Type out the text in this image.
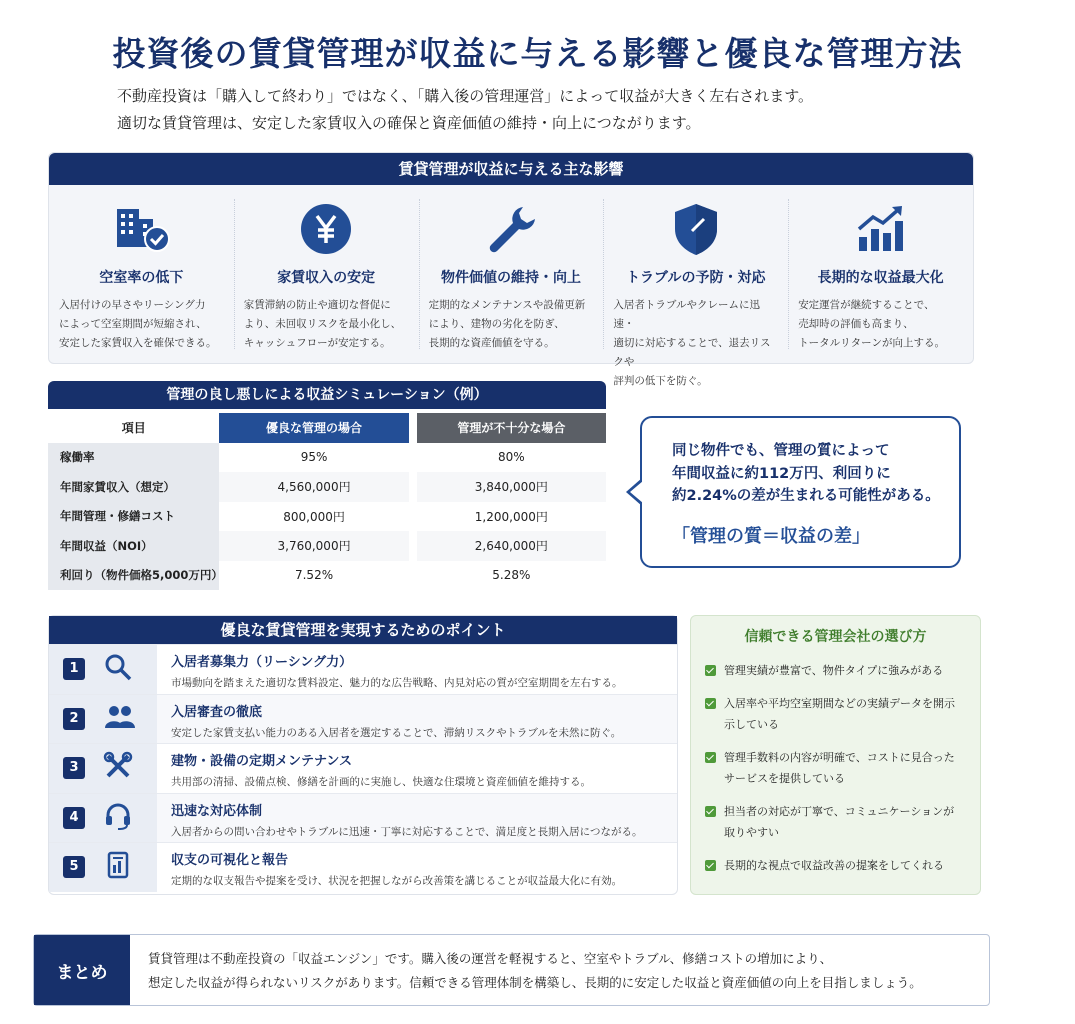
投資後の賃貸管理が収益に与える影響と優良な管理方法

不動産投資は「購入して終わり」ではなく、「購入後の管理運営」によって収益が大きく左右されます。

適切な賃貸管理は、安定した家賃収入の確保と資産価値の維持・向上につながります。

賃貸管理が収益に与える主な影響
空室率の低下
入居付けの早さやリーシング力
によって空室期間が短縮され、
安定した家賃収入を確保できる。
家賃収入の安定
家賃滞納の防止や適切な督促に
より、未回収リスクを最小化し、
キャッシュフローが安定する。
物件価値の維持・向上
定期的なメンテナンスや設備更新
により、建物の劣化を防ぎ、
長期的な資産価値を守る。
トラブルの予防・対応
入居者トラブルやクレームに迅速・
適切に対応することで、退去リスクや
評判の低下を防ぐ。
長期的な収益最大化
安定運営が継続することで、
売却時の評価も高まり、
トータルリターンが向上する。
管理の良し悪しによる収益シミュレーション（例）
項目	優良な管理の場合		管理が不十分な場合
稼働率	95%		80%
年間家賃収入（想定）	4,560,000円		3,840,000円
年間管理・修繕コスト	800,000円		1,200,000円
年間収益（NOI）	3,760,000円		2,640,000円
利回り（物件価格5,000万円）	7.52%		5.28%
同じ物件でも、管理の質によって
年間収益に約112万円、利回りに
約2.24%の差が生まれる可能性がある。
「管理の質＝収益の差」
優良な賃貸管理を実現するためのポイント
1	入居者募集力（リーシング力）
市場動向を踏まえた適切な賃料設定、魅力的な広告戦略、内見対応の質が空室期間を左右する。
2	入居審査の徹底
安定した家賃支払い能力のある入居者を選定することで、滞納リスクやトラブルを未然に防ぐ。
3	建物・設備の定期メンテナンス
共用部の清掃、設備点検、修繕を計画的に実施し、快適な住環境と資産価値を維持する。
4	迅速な対応体制
入居者からの問い合わせやトラブルに迅速・丁寧に対応することで、満足度と長期入居につながる。
5	収支の可視化と報告
定期的な収支報告や提案を受け、状況を把握しながら改善策を講じることが収益最大化に有効。
信頼できる管理会社の選び方
管理実績が豊富で、物件タイプに強みがある
入居率や平均空室期間などの実績データを開示
示している
管理手数料の内容が明確で、コストに見合った
サービスを提供している
担当者の対応が丁寧で、コミュニケーションが
取りやすい
長期的な視点で収益改善の提案をしてくれる
まとめ
賃貸管理は不動産投資の「収益エンジン」です。購入後の運営を軽視すると、空室やトラブル、修繕コストの増加により、
想定した収益が得られないリスクがあります。信頼できる管理体制を構築し、長期的に安定した収益と資産価値の向上を目指しましょう。
